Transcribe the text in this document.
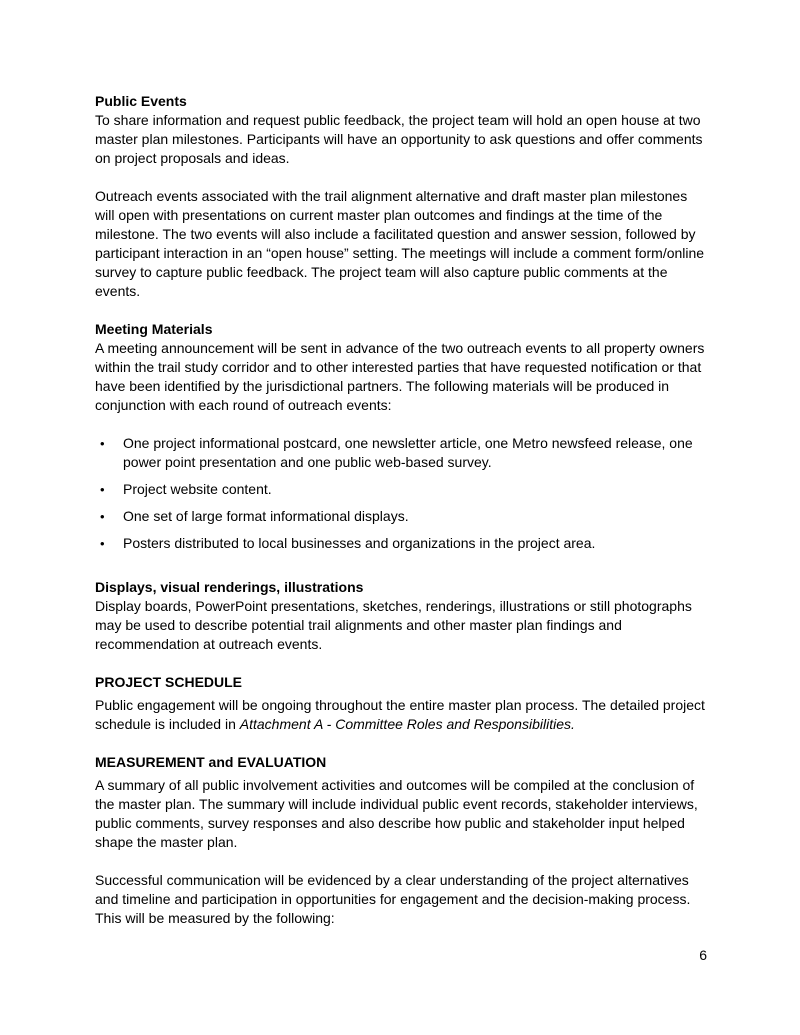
Public Events

To share information and request public feedback, the project team will hold an open house at two master plan milestones. Participants will have an opportunity to ask questions and offer comments on project proposals and ideas.

Outreach events associated with the trail alignment alternative and draft master plan milestones will open with presentations on current master plan outcomes and findings at the time of the milestone. The two events will also include a facilitated question and answer session, followed by participant interaction in an “open house” setting. The meetings will include a comment form/online survey to capture public feedback. The project team will also capture public comments at the events.

Meeting Materials

A meeting announcement will be sent in advance of the two outreach events to all property owners within the trail study corridor and to other interested parties that have requested notification or that have been identified by the jurisdictional partners. The following materials will be produced in conjunction with each round of outreach events:

•	One project informational postcard, one newsletter article, one Metro newsfeed release, one power point presentation and one public web-based survey.
•	Project website content.
•	One set of large format informational displays.
•	Posters distributed to local businesses and organizations in the project area.
Displays, visual renderings, illustrations

Display boards, PowerPoint presentations, sketches, renderings, illustrations or still photographs may be used to describe potential trail alignments and other master plan findings and recommendation at outreach events.

PROJECT SCHEDULE

Public engagement will be ongoing throughout the entire master plan process. The detailed project schedule is included in Attachment A - Committee Roles and Responsibilities.

MEASUREMENT and EVALUATION

A summary of all public involvement activities and outcomes will be compiled at the conclusion of the master plan. The summary will include individual public event records, stakeholder interviews, public comments, survey responses and also describe how public and stakeholder input helped shape the master plan.

Successful communication will be evidenced by a clear understanding of the project alternatives and timeline and participation in opportunities for engagement and the decision-making process. This will be measured by the following:

6
